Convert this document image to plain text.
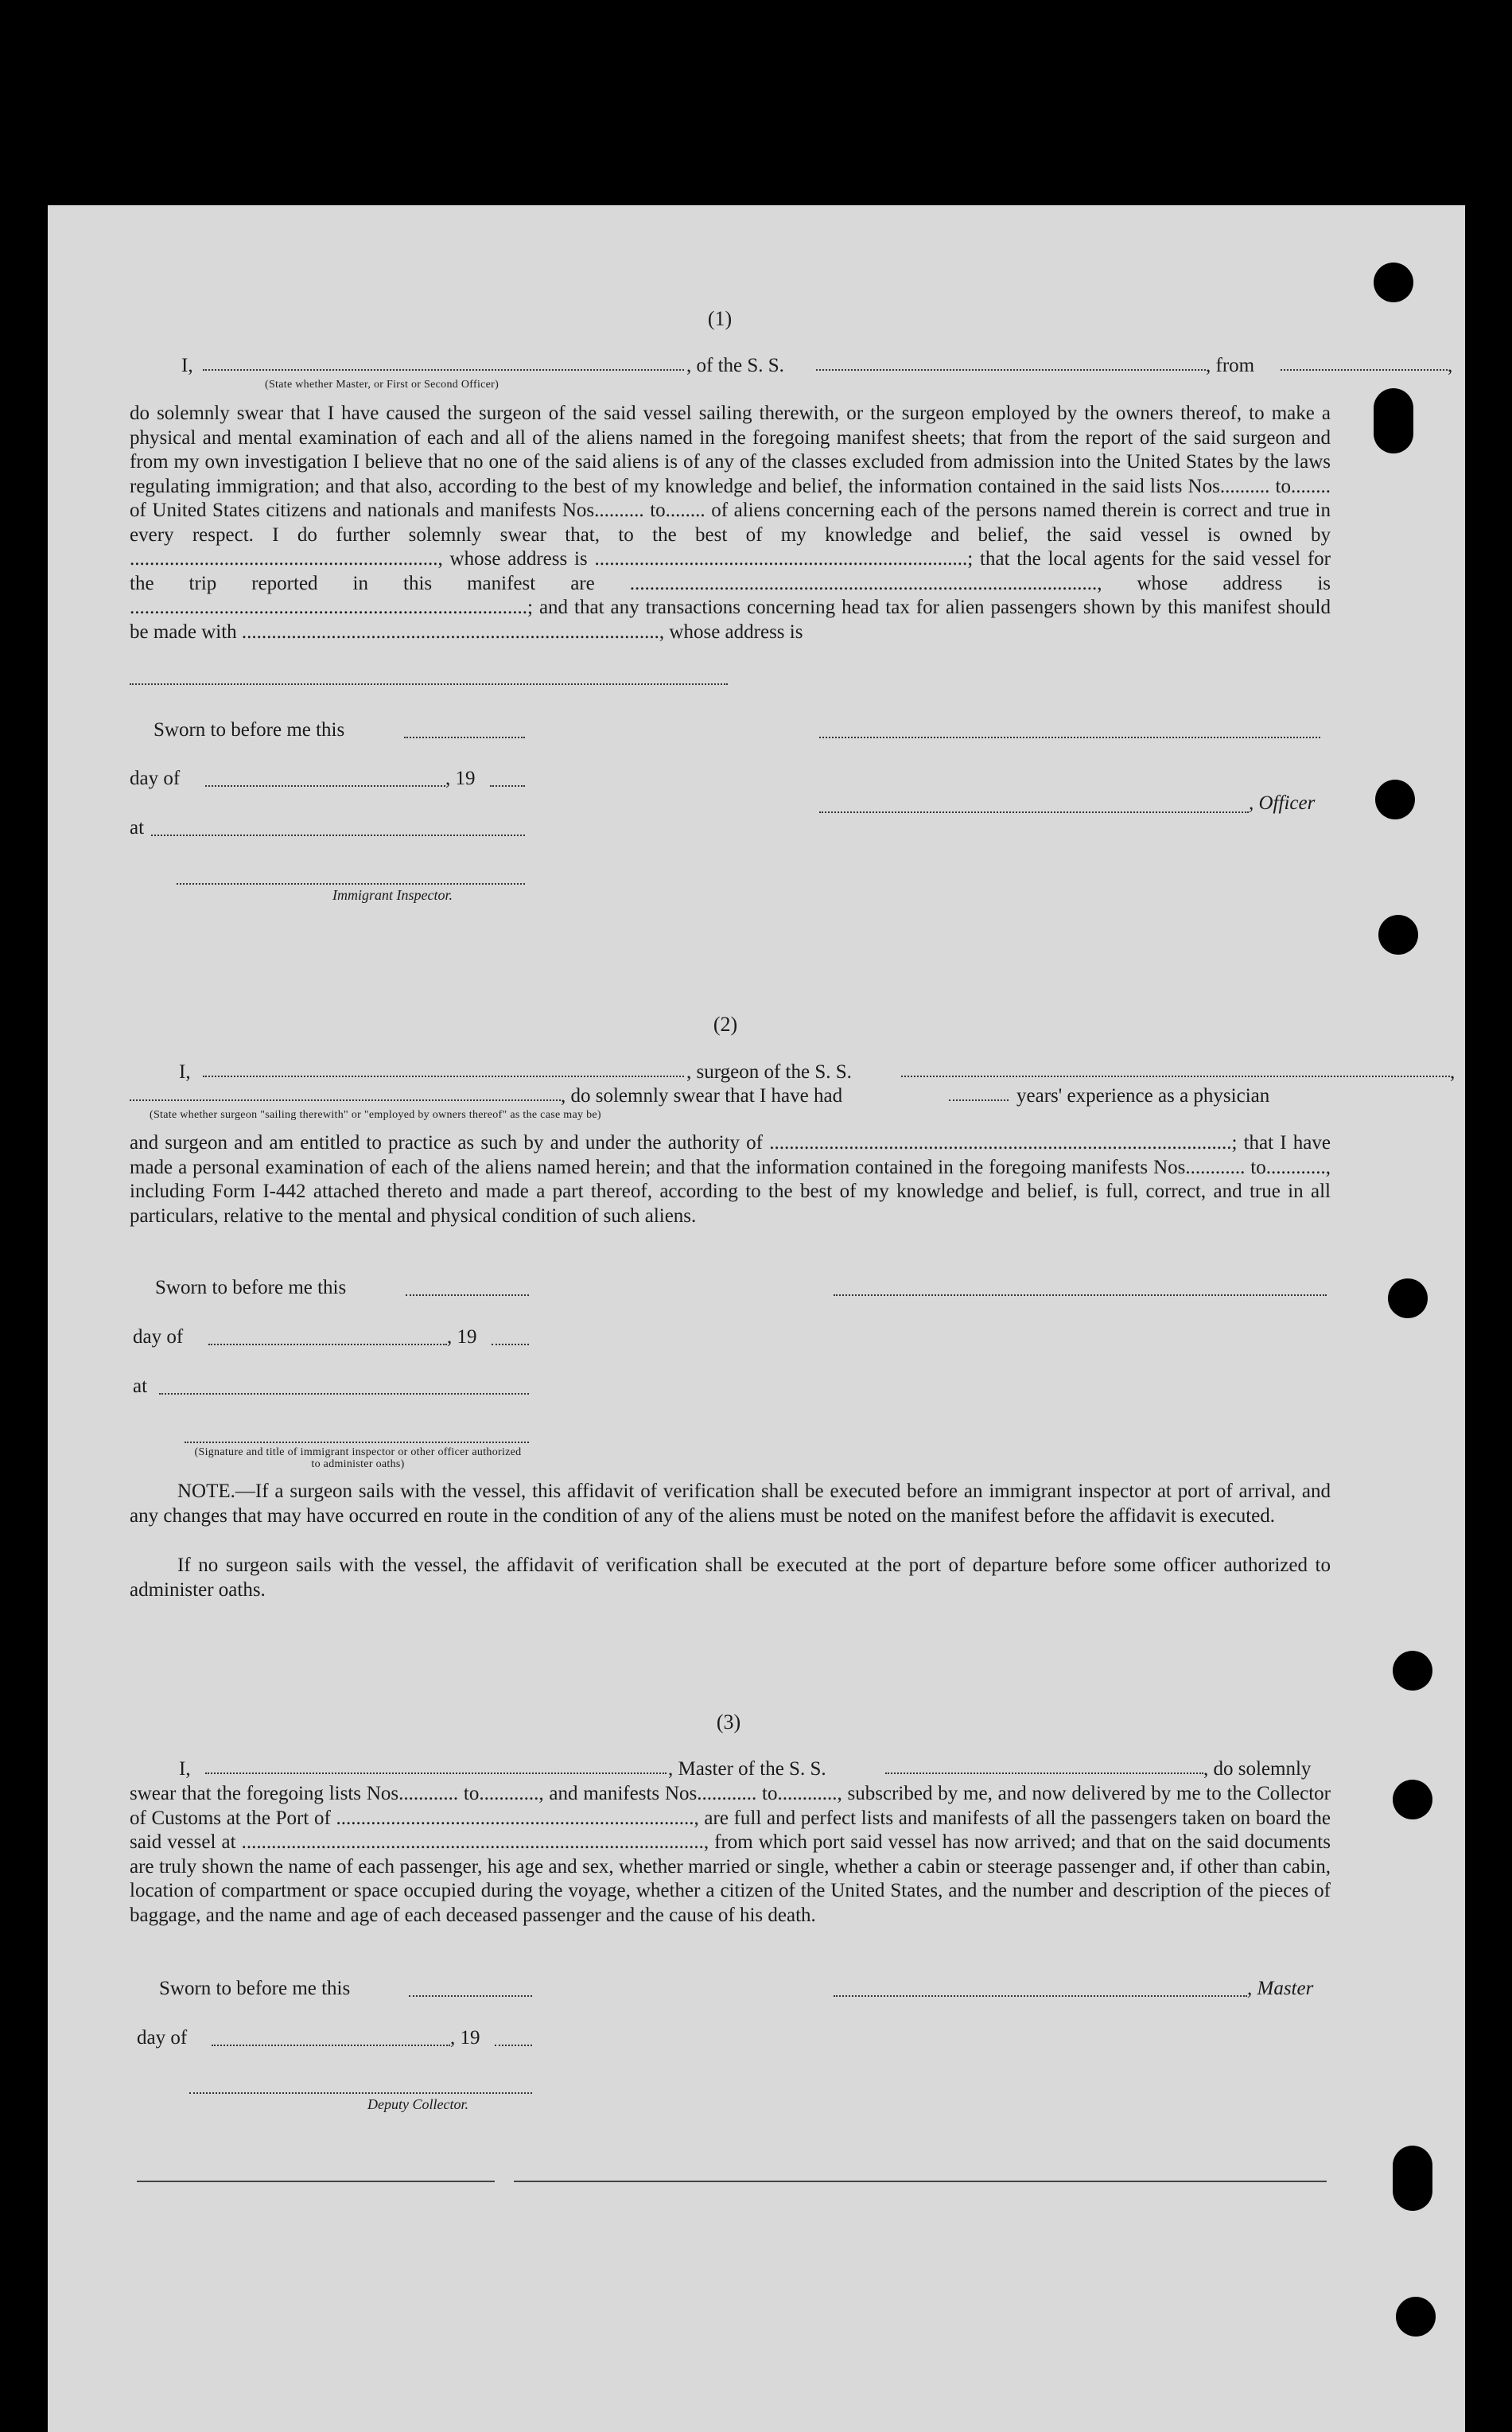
(1)
I,	, of the S. S.	, from	,
(State whether Master, or First or Second Officer)
do solemnly swear that I have caused the surgeon of the said vessel sailing therewith, or the surgeon employed by the owners thereof, to make a physical and mental examination of each and all of the aliens named in the foregoing manifest sheets; that from the report of the said surgeon and from my own investigation I believe that no one of the said aliens is of any of the classes excluded from admission into the United States by the laws regulating immigration; and that also, according to the best of my knowledge and belief, the information contained in the said lists Nos.......... to........ of United States citizens and nationals and manifests Nos.......... to........ of aliens concerning each of the persons named therein is correct and true in every respect. I do further solemnly swear that, to the best of my knowledge and belief, the said vessel is owned by .............................................................., whose address is ...........................................................................; that the local agents for the said vessel for the trip reported in this manifest are .............................................................................................., whose address is ................................................................................; and that any transactions concerning head tax for alien passengers shown by this manifest should be made with ...................................................................................., whose address is
Sworn to before me this
day of	, 19
, Officer
at
Immigrant Inspector.
(2)
I,	, surgeon of the S. S.	,
, do solemnly swear that I have had	years' experience as a physician
(State whether surgeon "sailing therewith" or "employed by owners thereof" as the case may be)
and surgeon and am entitled to practice as such by and under the authority of .............................................................................................; that I have made a personal examination of each of the aliens named herein; and that the information contained in the foregoing manifests Nos............ to............, including Form I-442 attached thereto and made a part thereof, according to the best of my knowledge and belief, is full, correct, and true in all particulars, relative to the mental and physical condition of such aliens.
Sworn to before me this
day of	, 19
at
(Signature and title of immigrant inspector or other officer authorized to administer oaths)
NOTE.—If a surgeon sails with the vessel, this affidavit of verification shall be executed before an immigrant inspector at port of arrival, and any changes that may have occurred en route in the condition of any of the aliens must be noted on the manifest before the affidavit is executed.
If no surgeon sails with the vessel, the affidavit of verification shall be executed at the port of departure before some officer authorized to administer oaths.
(3)
I,	, Master of the S. S.	, do solemnly
swear that the foregoing lists Nos............ to............, and manifests Nos............ to............, subscribed by me, and now delivered by me to the Collector of Customs at the Port of ........................................................................, are full and perfect lists and manifests of all the passengers taken on board the said vessel at ............................................................................................., from which port said vessel has now arrived; and that on the said documents are truly shown the name of each passenger, his age and sex, whether married or single, whether a cabin or steerage passenger and, if other than cabin, location of compartment or space occupied during the voyage, whether a citizen of the United States, and the number and description of the pieces of baggage, and the name and age of each deceased passenger and the cause of his death.
Sworn to before me this	, Master
day of	, 19
Deputy Collector.
